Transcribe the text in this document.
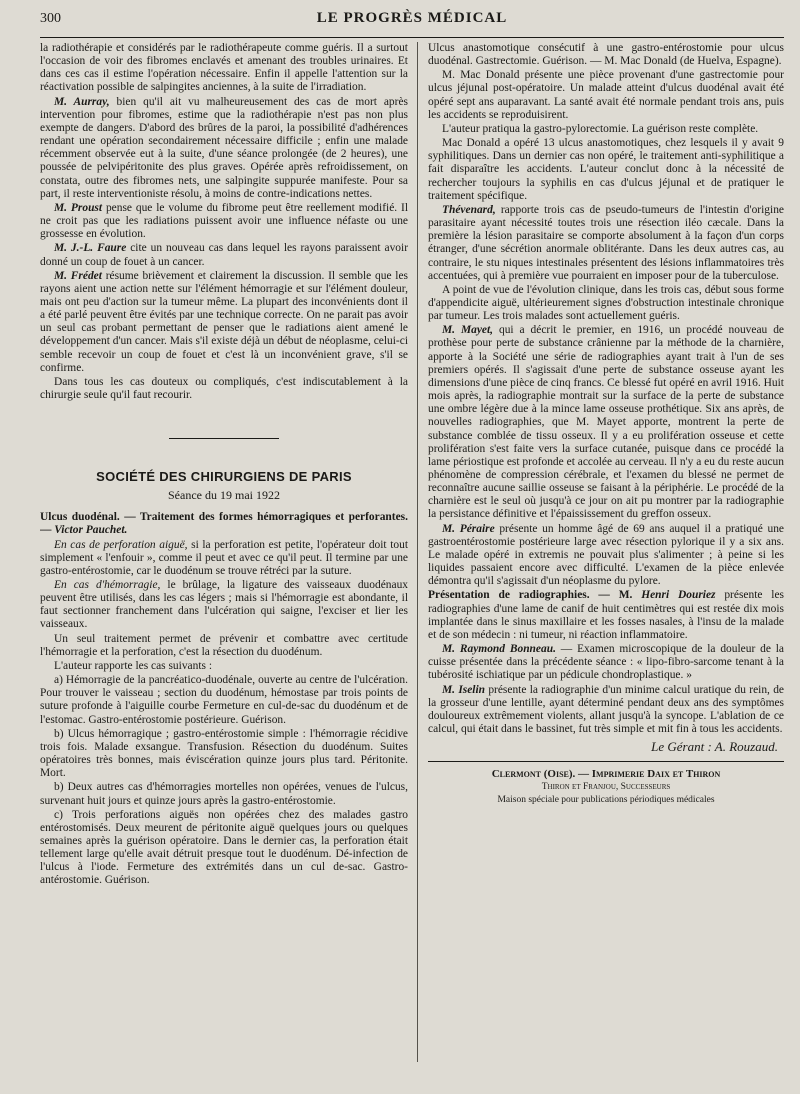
300	LE PROGRÈS MÉDICAL

la radiothérapie et considérés par le radiothérapeute comme guéris. Il a surtout l'occasion de voir des fibromes enclavés et amenant des troubles urinaires. Et dans ces cas il estime l'opération nécessaire. Enfin il appelle l'attention sur la réactivation possible de salpingites anciennes, à la suite de l'irradiation.

M. Aurray, bien qu'il ait vu malheureusement des cas de mort après intervention pour fibromes, estime que la radiothérapie n'est pas non plus exempte de dangers. D'abord des brûres de la paroi, la possibilité d'adhérences rendant une opération secondairement nécessaire difficile ; enfin une malade récemment observée eut à la suite, d'une séance prolongée (de 2 heures), une poussée de pelvipéritonite des plus graves. Opérée après refroidissement, on constata, outre des fibromes nets, une salpingite suppurée manifeste. Pour sa part, il reste interventioniste résolu, à moins de contre-indications nettes.

M. Proust pense que le volume du fibrome peut être reellement modifié. Il ne croit pas que les radiations puissent avoir une influence néfaste ou une grossesse en évolution.

M. J.-L. Faure cite un nouveau cas dans lequel les rayons paraissent avoir donné un coup de fouet à un cancer.

M. Frédet résume brièvement et clairement la discussion. Il semble que les rayons aient une action nette sur l'élément hémorragie et sur l'élément douleur, mais ont peu d'action sur la tumeur même. La plupart des inconvénients dont il a été parlé peuvent être évités par une technique correcte. On ne parait pas avoir un seul cas probant permettant de penser que le radiations aient amené le développement d'un cancer. Mais s'il existe déjà un début de néoplasme, celui-ci semble recevoir un coup de fouet et c'est là un inconvénient grave, s'il se confirme.

Dans tous les cas douteux ou compliqués, c'est indiscutablement à la chirurgie seule qu'il faut recourir.

SOCIÉTÉ DES CHIRURGIENS DE PARIS
Séance du 19 mai 1922

Ulcus duodénal. — Traitement des formes hémorragiques et perforantes. — Victor Pauchet.

En cas de perforation aiguë, si la perforation est petite, l'opérateur doit tout simplement « l'enfouir », comme il peut et avec ce qu'il peut. Il termine par une gastro-entérostomie, car le duodénum se trouve rétréci par la suture.

En cas d'hémorragie, le brûlage, la ligature des vaisseaux duodénaux peuvent être utilisés, dans les cas légers ; mais si l'hémorragie est abondante, il faut sectionner franchement dans l'ulcération qui saigne, l'exciser et lier les vaisseaux.

Un seul traitement permet de prévenir et combattre avec certitude l'hémorragie et la perforation, c'est la résection du duodénum.

L'auteur rapporte les cas suivants :

a) Hémorragie de la pancréatico-duodénale, ouverte au centre de l'ulcération. Pour trouver le vaisseau ; section du duodénum, hémostase par trois points de suture profonde à l'aiguille courbe Fermeture en cul-de-sac du duodénum et de l'estomac. Gastro-entérostomie postérieure. Guérison.

b) Ulcus hémorragique ; gastro-entérostomie simple : l'hémorragie récidive trois fois. Malade exsangue. Transfusion. Résection du duodénum. Suites opératoires très bonnes, mais éviscération quinze jours plus tard. Péritonite. Mort.

b) Deux autres cas d'hémorragies mortelles non opérées, venues de l'ulcus, survenant huit jours et quinze jours après la gastro-entérostomie.

c) Trois perforations aiguës non opérées chez des malades gastro entérostomisés. Deux meurent de péritonite aiguë quelques jours ou quelques semaines après la guérison opératoire. Dans le dernier cas, la perforation était tellement large qu'elle avait détruit presque tout le duodénum. Dé-infection de l'ulcus à l'iode. Fermeture des extrémités dans un cul de-sac. Gastro-antérostomie. Guérison.

Ulcus anastomotique consécutif à une gastro-entérostomie pour ulcus duodénal. Gastrectomie. Guérison. — M. Mac Donald (de Huelva, Espagne).

M. Mac Donald présente une pièce provenant d'une gastrectomie pour ulcus jéjunal post-opératoire. Un malade atteint d'ulcus duodénal avait été opéré sept ans auparavant. La santé avait été normale pendant trois ans, puis les accidents se reproduisirent.

L'auteur pratiqua la gastro-pylorectomie. La guérison reste complète.

Mac Donald a opéré 13 ulcus anastomotiques, chez lesquels il y avait 9 syphilitiques. Dans un dernier cas non opéré, le traitement anti-syphilitique a fait disparaître les accidents. L'auteur conclut donc à la nécessité de rechercher toujours la syphilis en cas d'ulcus jéjunal et de pratiquer le traitement spécifique.

Thévenard, rapporte trois cas de pseudo-tumeurs de l'intestin d'origine parasitaire ayant nécessité toutes trois une résection iléo cæcale. Dans la première la lésion parasitaire se comporte absolument à la façon d'un corps étranger, d'une sécrétion anormale oblitérante. Dans les deux autres cas, au contraire, le stu niques intestinales présentent des lésions inflammatoires très accentuées, qui à première vue pourraient en imposer pour de la tuberculose.

A point de vue de l'évolution clinique, dans les trois cas, début sous forme d'appendicite aiguë, ultérieurement signes d'obstruction intestinale chronique par tumeur. Les trois malades sont actuellement guéris.

M. Mayet, qui a décrit le premier, en 1916, un procédé nouveau de prothèse pour perte de substance crânienne par la méthode de la charnière, apporte à la Société une série de radiographies ayant trait à l'un de ses premiers opérés. Il s'agissait d'une perte de substance osseuse ayant les dimensions d'une pièce de cinq francs. Ce blessé fut opéré en avril 1916. Huit mois après, la radiographie montrait sur la surface de la perte de substance une ombre légère due à la mince lame osseuse prothétique. Six ans après, de nouvelles radiographies, que M. Mayet apporte, montrent la perte de substance comblée de tissu osseux. Il y a eu prolifération osseuse et cette prolifération s'est faite vers la surface cutanée, puisque dans ce procédé la lame périostique est profonde et accolée au cerveau. Il n'y a eu du reste aucun phénomène de compression cérébrale, et l'examen du blessé ne permet de reconnaître aucune saillie osseuse se faisant à la périphérie. Le procédé de la charnière est le seul où jusqu'à ce jour on ait pu montrer par la radiographie la persistance définitive et l'épaississement du greffon osseux.

M. Péraire présente un homme âgé de 69 ans auquel il a pratiqué une gastroentérostomie postérieure large avec résection pylorique il y a six ans. Le malade opéré in extremis ne pouvait plus s'alimenter ; à peine si les liquides passaient encore avec difficulté. L'examen de la pièce enlevée démontra qu'il s'agissait d'un néoplasme du pylore.

Présentation de radiographies. — M. Henri Douriez présente les radiographies d'une lame de canif de huit centimètres qui est restée dix mois implantée dans le sinus maxillaire et les fosses nasales, à l'insu de la malade et de son médecin : ni tumeur, ni réaction inflammatoire.

M. Raymond Bonneau. — Examen microscopique de la douleur de la cuisse présentée dans la précédente séance : « lipo-fibro-sarcome tenant à la tubérosité ischiatique par un pédicule chondroplastique. »

M. Iselin présente la radiographie d'un minime calcul uratique du rein, de la grosseur d'une lentille, ayant déterminé pendant deux ans des symptômes douloureux extrêmement violents, allant jusqu'à la syncope. L'ablation de ce calcul, qui était dans le bassinet, fut très simple et mit fin à tous les accidents.

Le Gérant : A. Rouzaud.
Clermont (Oise). — Imprimerie Daix et Thiron
Thiron et Franjou, Successeurs
Maison spéciale pour publications périodiques médicales
